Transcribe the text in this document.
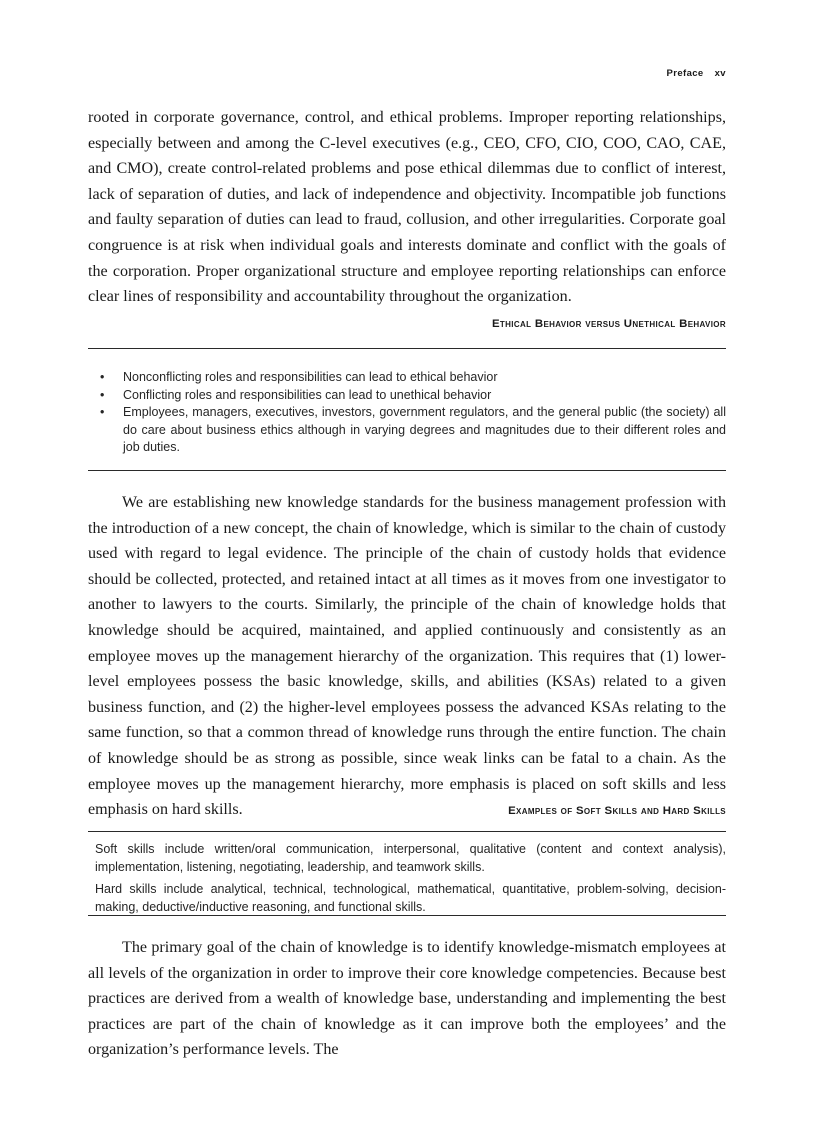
Preface xv

rooted in corporate governance, control, and ethical problems. Improper reporting relationships, especially between and among the C-level executives (e.g., CEO, CFO, CIO, COO, CAO, CAE, and CMO), create control-related problems and pose ethical dilemmas due to conflict of interest, lack of separation of duties, and lack of independence and objectivity. Incompatible job functions and faulty separation of duties can lead to fraud, collusion, and other irregularities. Corporate goal congruence is at risk when individual goals and interests dominate and conflict with the goals of the corporation. Proper organizational structure and employee reporting relationships can enforce clear lines of responsibility and accountability throughout the organization.

Ethical Behavior versus Unethical Behavior
• Nonconflicting roles and responsibilities can lead to ethical behavior
• Conflicting roles and responsibilities can lead to unethical behavior
• Employees, managers, executives, investors, government regulators, and the general public (the society) all do care about business ethics although in varying degrees and magnitudes due to their different roles and job duties.

We are establishing new knowledge standards for the business management profession with the introduction of a new concept, the chain of knowledge, which is similar to the chain of custody used with regard to legal evidence. The principle of the chain of custody holds that evidence should be collected, protected, and retained intact at all times as it moves from one investigator to another to lawyers to the courts. Similarly, the principle of the chain of knowledge holds that knowledge should be acquired, maintained, and applied continuously and consistently as an employee moves up the management hierarchy of the organization. This requires that (1) lower-level employees possess the basic knowledge, skills, and abilities (KSAs) related to a given business function, and (2) the higher-level employees possess the advanced KSAs relating to the same function, so that a common thread of knowledge runs through the entire function. The chain of knowledge should be as strong as possible, since weak links can be fatal to a chain. As the employee moves up the management hierarchy, more emphasis is placed on soft skills and less emphasis on hard skills.	Examples of Soft Skills and Hard Skills

Soft skills include written/oral communication, interpersonal, qualitative (content and context analysis), implementation, listening, negotiating, leadership, and teamwork skills.

Hard skills include analytical, technical, technological, mathematical, quantitative, problem-solving, decision-making, deductive/inductive reasoning, and functional skills.

The primary goal of the chain of knowledge is to identify knowledge-mismatch employees at all levels of the organization in order to improve their core knowledge competencies. Because best practices are derived from a wealth of knowledge base, understanding and implementing the best practices are part of the chain of knowledge as it can improve both the employees’ and the organization’s performance levels. The
